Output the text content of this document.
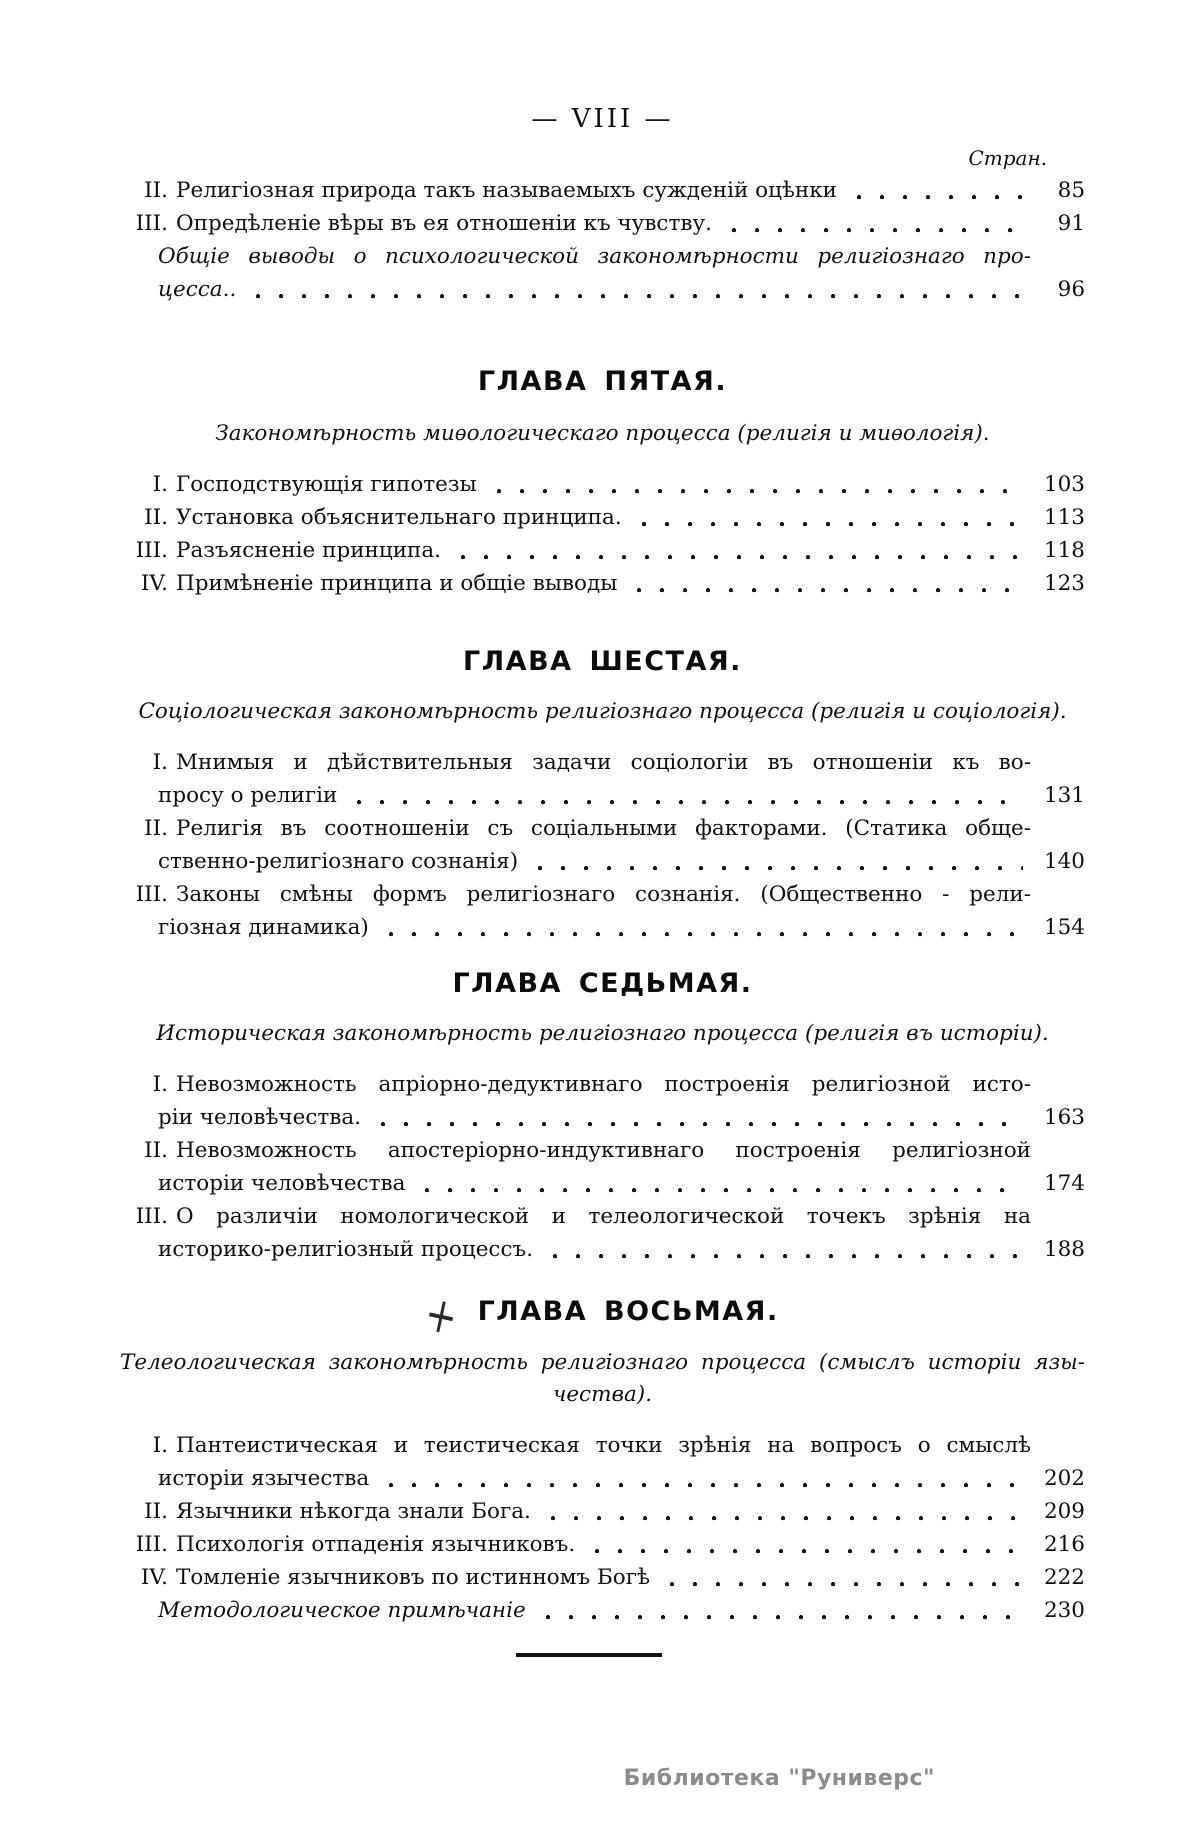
— VIII —
Стран.
II. Религіозная природа такъ называемыхъ сужденій оцѣнки	85
III. Опредѣленіе вѣры въ ея отношеніи къ чувству.	91
Общіе выводы о психологической закономѣрности религіознаго про-
цесса..	96
ГЛАВА ПЯТАЯ.
Закономѣрность миѳологическаго процесса (религія и миѳологія).
I. Господствующія гипотезы	103
II. Установка объяснительнаго принципа.	113
III. Разъясненіе принципа.	118
IV. Примѣненіе принципа и общіе выводы	123
ГЛАВА ШЕСТАЯ.
Соціологическая закономѣрность религіознаго процесса (религія и соціологія).
I. Мнимыя и дѣйствительныя задачи соціологіи въ отношеніи къ во-
просу о религіи	131
II. Религія въ соотношеніи съ соціальными факторами. (Статика обще-
ственно-религіознаго сознанія)	140
III. Законы смѣны формъ религіознаго сознанія. (Общественно - рели-
гіозная динамика)	154
ГЛАВА СЕДЬМАЯ.
Историческая закономѣрность религіознаго процесса (религія въ исторіи).
I. Невозможность апріорно-дедуктивнаго построенія религіозной исто-
ріи человѣчества.	163
II. Невозможность апостеріорно-индуктивнаго построенія религіозной
исторіи человѣчества	174
III. О различіи номологической и телеологической точекъ зрѣнія на
историко-религіозный процессъ.	188
+ ГЛАВА ВОСЬМАЯ.
Телеологическая закономѣрность религіознаго процесса (смыслъ исторіи язы-
чества).
I. Пантеистическая и теистическая точки зрѣнія на вопросъ о смыслѣ
исторіи язычества	202
II. Язычники нѣкогда знали Бога.	209
III. Психологія отпаденія язычниковъ.	216
IV. Томленіе язычниковъ по истинномъ Богѣ	222
Методологическое примѣчаніе	230
Библиотека "Руниверс"
